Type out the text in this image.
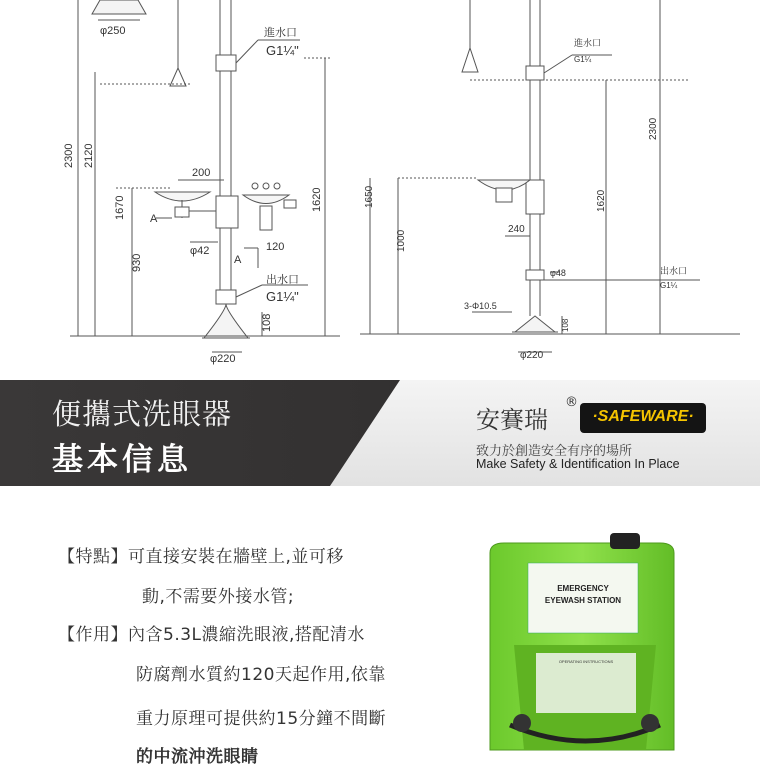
φ250	進水口
G1¼"
2300 2120
1670
930
200
A
φ42
A
120
1620
出水口
G1¼"
108
φ220
進水口
G1¼
2300
1650
1000
1620
240
φ48	出水口
G1¼
3-Φ10.5
108
φ220
便攜式洗眼器
基本信息
安賽瑞
®
·SAFEWARE·
致力於創造安全有序的場所
Make Safety & Identification In Place
【特點】可直接安裝在牆壁上,並可移
動,不需要外接水管;
【作用】內含5.3L濃縮洗眼液,搭配清水
防腐劑水質約120天起作用,依靠
重力原理可提供約15分鐘不間斷
的中流沖洗眼睛
EMERGENCY
EYEWASH STATION
OPERATING INSTRUCTIONS
